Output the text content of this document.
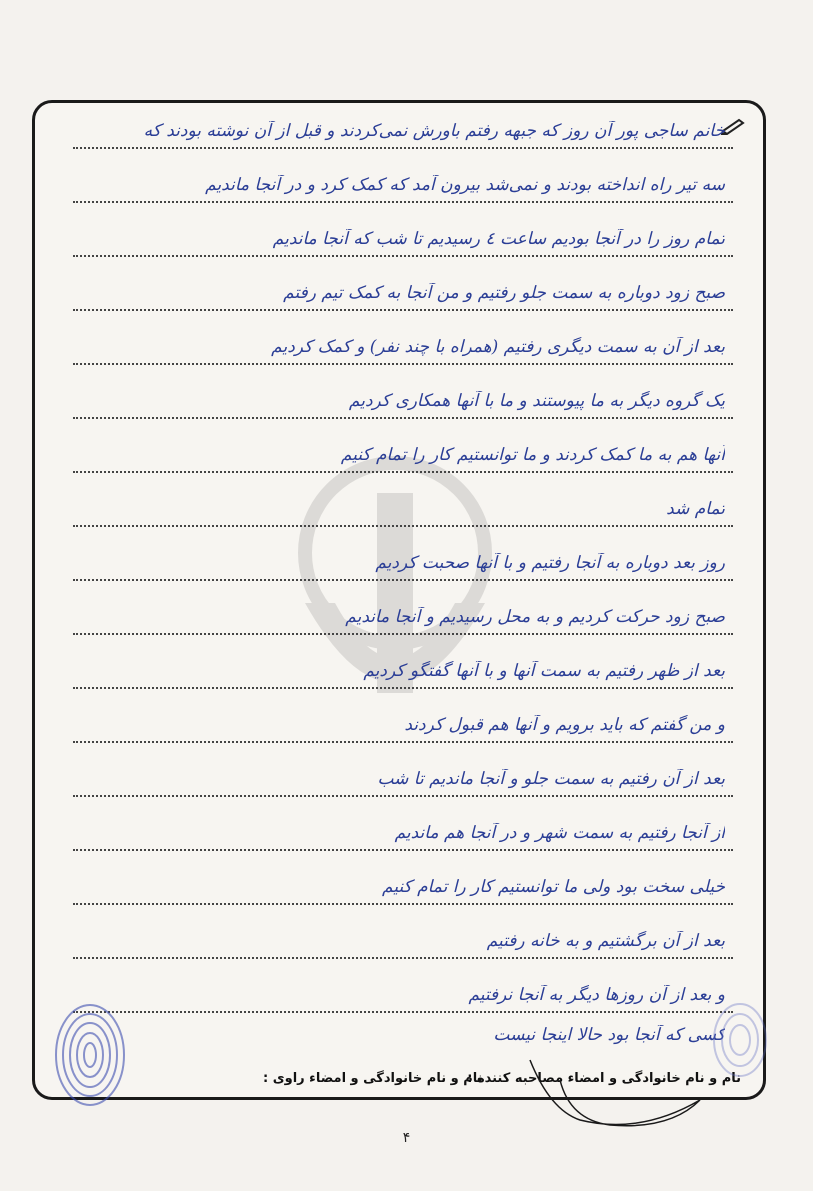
خانم ساجی پور آن روز که جبهه رفتم باورش نمی‌کردند و قبل از آن نوشته بودند که
سه تیر راه انداخته بودند و نمی‌شد بیرون آمد که کمک کرد و در آنجا ماندیم
تمام روز را در آنجا بودیم ساعت ٤ رسیدیم تا شب که آنجا ماندیم
صبح زود دوباره به سمت جلو رفتیم و من آنجا به کمک تیم رفتم
بعد از آن به سمت دیگری رفتیم (همراه با چند نفر) و کمک کردیم
یک گروه دیگر به ما پیوستند و ما با آنها همکاری کردیم
آنها هم به ما کمک کردند و ما توانستیم کار را تمام کنیم
تمام شد
روز بعد دوباره به آنجا رفتیم و با آنها صحبت کردیم
صبح زود حرکت کردیم و به محل رسیدیم و آنجا ماندیم
بعد از ظهر رفتیم به سمت آنها و با آنها گفتگو کردیم
و من گفتم که باید برویم و آنها هم قبول کردند
بعد از آن رفتیم به سمت جلو و آنجا ماندیم تا شب
از آنجا رفتیم به سمت شهر و در آنجا هم ماندیم
خیلی سخت بود ولی ما توانستیم کار را تمام کنیم
بعد از آن برگشتیم و به خانه رفتیم
و بعد از آن روزها دیگر به آنجا نرفتیم
کسی که آنجا بود حالا اینجا نیست
نام و نام خانوادگی و امضاء مصاحبه کننده :
نام و نام خانوادگی و امضاء راوی :
۴
